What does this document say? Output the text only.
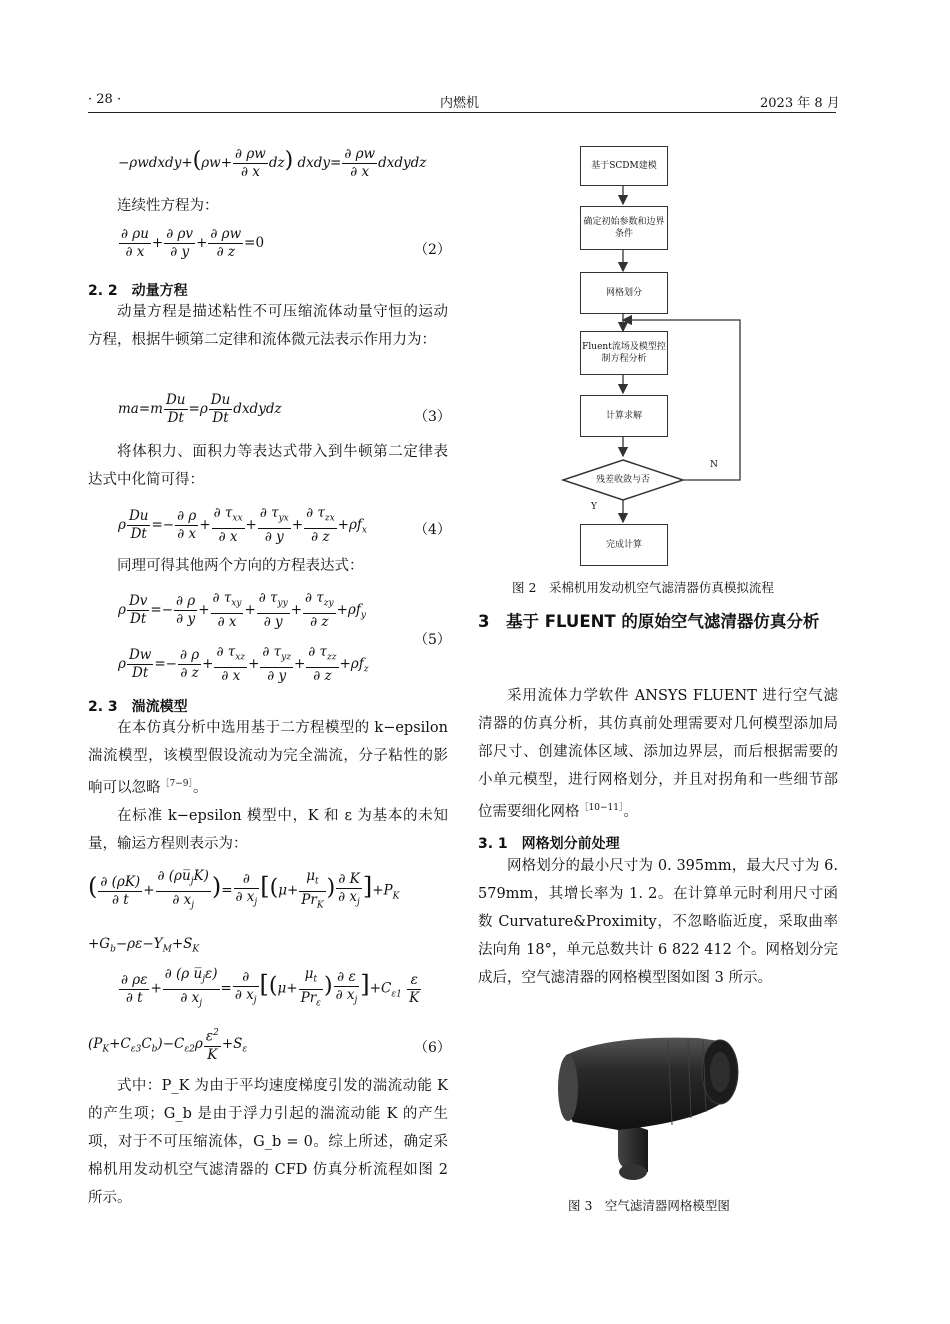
· 28 ·	内燃机	2023 年 8 月
−ρwdxdy+(ρw+ $\frac{\partial \rho w}{\partial x} dz$) dxdy= $\frac{\partial \rho w}{\partial x}$ dxdydz
连续性方程为：
$\frac{\partial \rho u}{\partial x} + \frac{\partial \rho v}{\partial y} + \frac{\partial \rho w}{\partial z} =0$	（2）
2. 2　动量方程
动量方程是描述粘性不可压缩流体动量守恒的运动方程，根据牛顿第二定律和流体微元法表示作用力为：
$ma=m \frac{Du}{Dt} =\rho \frac{Du}{Dt}$ dxdydz	（3）
将体积力、面积力等表达式带入到牛顿第二定律表达式中化简可得：
ρ $\frac{Du}{Dt} =- \frac{\partial \rho}{\partial x} + \frac{\partial \tau_{xx}}{\partial x} + \frac{\partial \tau_{yx}}{\partial y} + \frac{\partial \tau_{zx}}{\partial z} +\rho f_x$	（4）
同理可得其他两个方向的方程表达式：
ρ $\frac{Dv}{Dt} =- \frac{\partial \rho}{\partial y} + \frac{\partial \tau_{xy}}{\partial x} + \frac{\partial \tau_{yy}}{\partial y} + \frac{\partial \tau_{zy}}{\partial z} +\rho f_y$
ρ $\frac{Dw}{Dt} =- \frac{\partial \rho}{\partial z} + \frac{\partial \tau_{xz}}{\partial x} + \frac{\partial \tau_{yz}}{\partial y} + \frac{\partial \tau_{zz}}{\partial z} +\rho f_z$
（5）
2. 3　湍流模型
在本仿真分析中选用基于二方程模型的 k−epsilon 湍流模型，该模型假设流动为完全湍流，分子粘性的影响可以忽略$^{[7-9]}$。
在标准 k−epsilon 模型中，K 和 ε 为基本的未知量，输运方程则表示为：
( $\frac{\partial (\rho K)}{\partial t} + \frac{\partial (\rho u̅_jK)}{\partial x_j}$ )= $\frac{\partial}{\partial x_j} [(\mu+ \frac{\mu_t}{Pr_K}$ ) $\frac{\partial K}{\partial x_j} ]+P_K$
$+G_b-\rho\varepsilon-Y_M+S_K$
$\frac{\partial \rho\varepsilon}{\partial t} + \frac{\partial (\rho u̅_j\varepsilon)}{\partial x_j} = \frac{\partial}{\partial x_j} [(\mu+ \frac{\mu_t}{Pr_\varepsilon}$ ) $\frac{\partial \varepsilon}{\partial x_j} ]+C_{\varepsilon 1} \frac{\varepsilon}{K}$
$(P_K+C_{\varepsilon 3}C_b)-C_{\varepsilon 2}\rho \frac{\varepsilon^2}{K} +S_\varepsilon$	（6）
式中：P_K 为由于平均速度梯度引发的湍流动能 K 的产生项；G_b 是由于浮力引起的湍流动能 K 的产生项，对于不可压缩流体，G_b = 0。综上所述，确定采棉机用发动机空气滤清器的 CFD 仿真分析流程如图 2 所示。
基于SCDM建模
确定初始参数和边界条件
网格划分
Fluent流场及模型控制方程分析
计算求解
残差收敛与否
完成计算
N
Y
图 2　采棉机用发动机空气滤清器仿真模拟流程
3　基于 FLUENT 的原始空气滤清器仿真分析
采用流体力学软件 ANSYS FLUENT 进行空气滤清器的仿真分析，其仿真前处理需要对几何模型添加局部尺寸、创建流体区域、添加边界层，而后根据需要的小单元模型，进行网格划分，并且对拐角和一些细节部位需要细化网格$^{[10-11]}$。
3. 1　网格划分前处理
网格划分的最小尺寸为 0. 395mm，最大尺寸为 6. 579mm，其增长率为 1. 2。在计算单元时利用尺寸函数 Curvature&Proximity，不忽略临近度，采取曲率法向角 18°，单元总数共计 6 822 412 个。网格划分完成后，空气滤清器的网格模型图如图 3 所示。
图 3　空气滤清器网格模型图
